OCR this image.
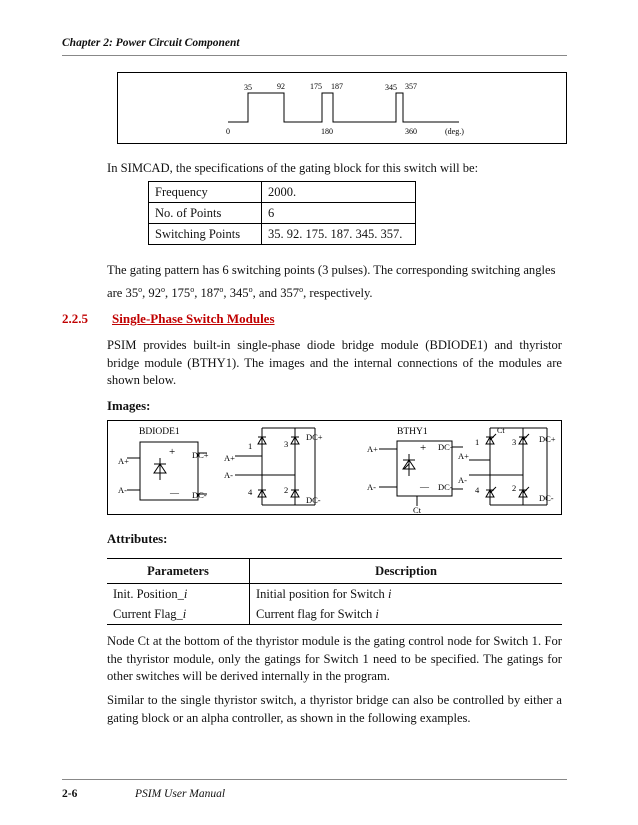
Chapter 2: Power Circuit Component
35	92	175 187	345 357
0	180	360	(deg.)
In SIMCAD, the specifications of the gating block for this switch will be:
Frequency	2000.
No. of Points	6
Switching Points	35. 92. 175. 187. 345. 357.
The gating pattern has 6 switching points (3 pulses). The corresponding switching angles
are 35$^o$, 92$^o$, 175$^o$, 187$^o$, 345$^o$, and 357$^o$, respectively.
2.2.5 Single-Phase Switch Modules
PSIM provides built-in single-phase diode bridge module (BDIODE1) and thyristor bridge module (BTHY1). The images and the internal connections of the modules are shown below.
Images:
BDIODE1
A+
A-
DC+
DC-
+
—
1	3
4	2
DC+
DC-
A+
A-
BTHY1
A+
A-
DC+
DC-
Ct
+
—
1
Ct
3
4	2
DC+
DC-
A+
A-
Attributes:
Parameters	Description
Init. Position_i	Initial position for Switch i
Current Flag_i	Current flag for Switch i
Node Ct at the bottom of the thyristor module is the gating control node for Switch 1. For the thyristor module, only the gatings for Switch 1 need to be specified. The gatings for other switches will be derived internally in the program.
Similar to the single thyristor switch, a thyristor bridge can also be controlled by either a gating block or an alpha controller, as shown in the following examples.
2-6	PSIM User Manual
